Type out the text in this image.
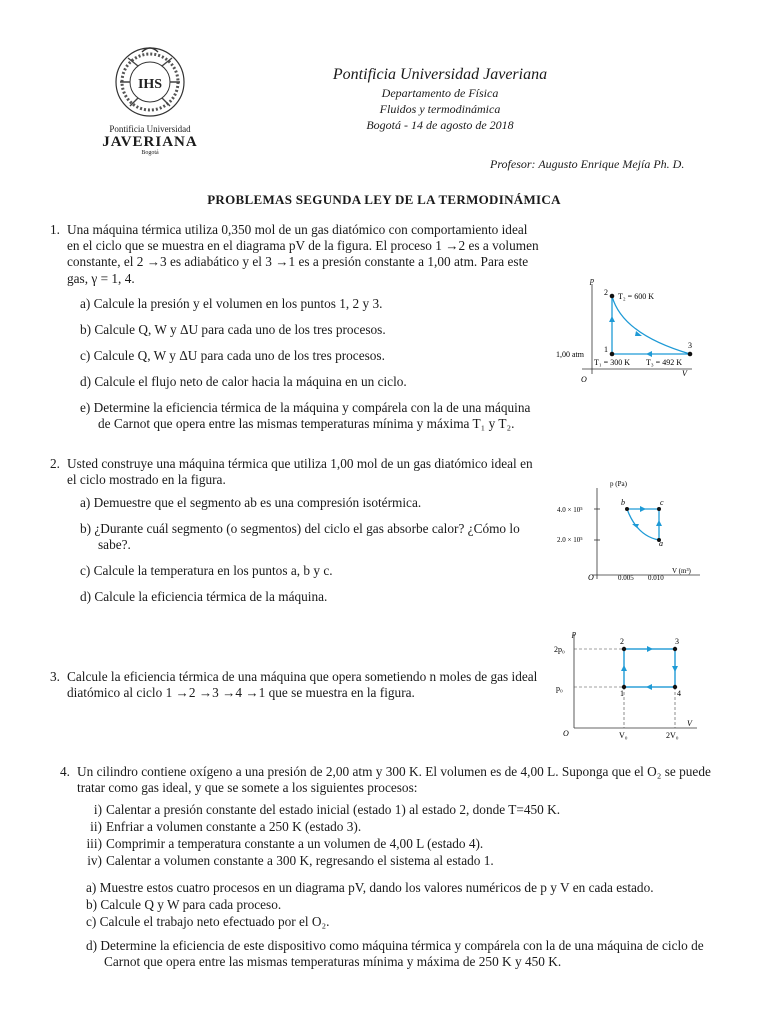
IHS
Pontificia Universidad
JAVERIANA
Bogotá
Pontificia Universidad Javeriana
Departamento de Física
Fluidos y termodinámica
Bogotá - 14 de agosto de 2018
Profesor: Augusto Enrique Mejía Ph. D.
PROBLEMAS SEGUNDA LEY DE LA TERMODINÁMICA
1. Una máquina térmica utiliza 0,350 mol de un gas diatómico con comportamiento ideal
en el ciclo que se muestra en el diagrama pV de la figura. El proceso 1 →2 es a volumen
constante, el 2 →3 es adiabático y el 3 →1 es a presión constante a 1,00 atm. Para este
gas, γ = 1, 4.
a) Calcule la presión y el volumen en los puntos 1, 2 y 3.
b) Calcule Q, W y ΔU para cada uno de los tres procesos.
c) Calcule Q, W y ΔU para cada uno de los tres procesos.
d) Calcule el flujo neto de calor hacia la máquina en un ciclo.
e) Determine la eficiencia térmica de la máquina y compárela con la de una máquina
de Carnot que opera entre las mismas temperaturas mínima y máxima T₁ y T₂.
p
V
O
1,00 atm
2
1	3
T₂ = 600 K
T₁ = 300 K T₃ = 492 K
2. Usted construye una máquina térmica que utiliza 1,00 mol de un gas diatómico ideal en
el ciclo mostrado en la figura.
a) Demuestre que el segmento ab es una compresión isotérmica.
b) ¿Durante cuál segmento (o segmentos) del ciclo el gas absorbe calor? ¿Cómo lo
sabe?.
c) Calcule la temperatura en los puntos a, b y c.
d) Calcule la eficiencia térmica de la máquina.
p (Pa)
V (m³)
O
4.0 × 10⁵
2.0 × 10⁵
0.005 0.010
b	c
a
3. Calcule la eficiencia térmica de una máquina que opera sometiendo n moles de gas ideal
diatómico al ciclo 1 →2 →3 →4 →1 que se muestra en la figura.
p
V
O
2p₀
p₀
V₀	2V₀
2	3
1	4
4. Un cilindro contiene oxígeno a una presión de 2,00 atm y 300 K. El volumen es de 4,00 L. Suponga que el O₂ se puede
tratar como gas ideal, y que se somete a los siguientes procesos:
i) Calentar a presión constante del estado inicial (estado 1) al estado 2, donde T=450 K.
ii) Enfriar a volumen constante a 250 K (estado 3).
iii) Comprimir a temperatura constante a un volumen de 4,00 L (estado 4).
iv) Calentar a volumen constante a 300 K, regresando el sistema al estado 1.
a) Muestre estos cuatro procesos en un diagrama pV, dando los valores numéricos de p y V en cada estado.
b) Calcule Q y W para cada proceso.
c) Calcule el trabajo neto efectuado por el O₂.
d) Determine la eficiencia de este dispositivo como máquina térmica y compárela con la de una máquina de ciclo de
Carnot que opera entre las mismas temperaturas mínima y máxima de 250 K y 450 K.
